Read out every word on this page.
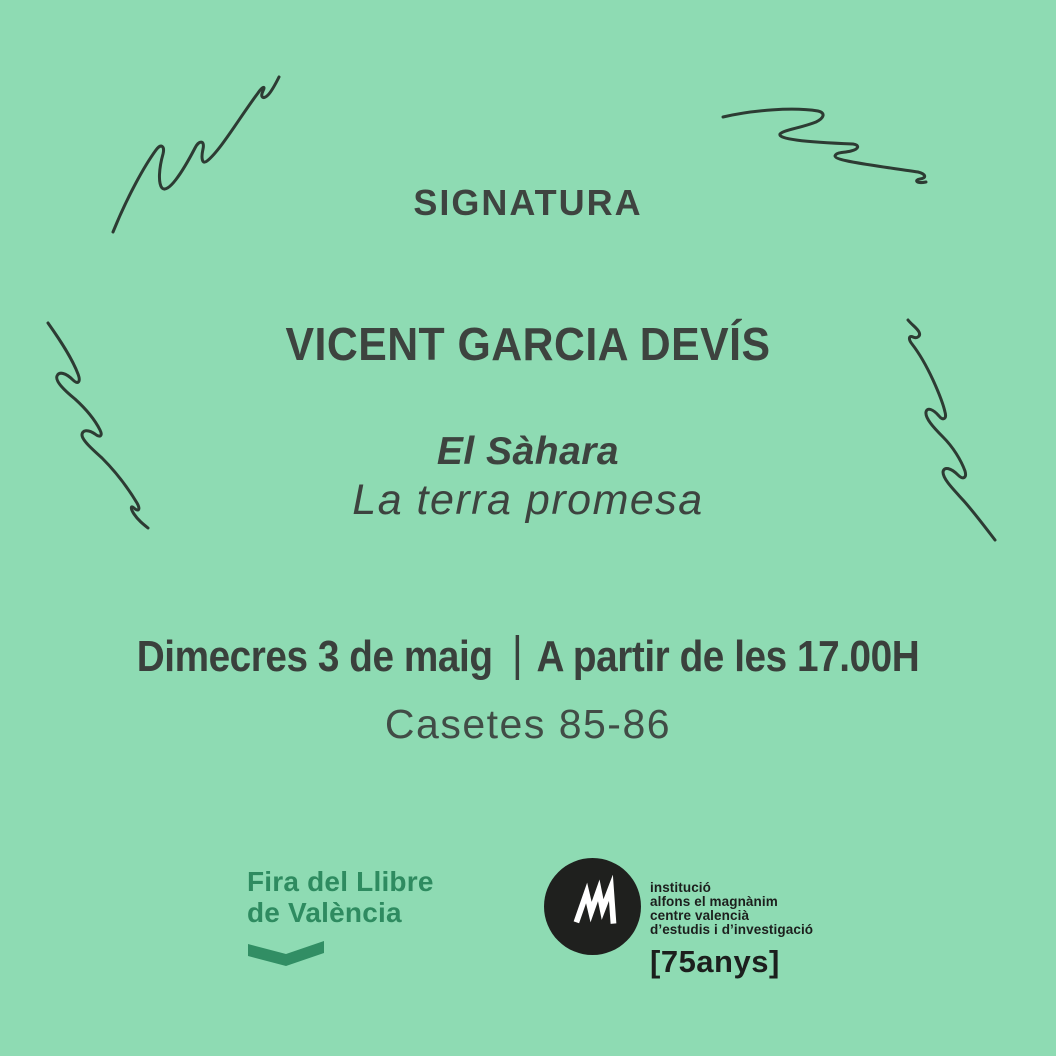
SIGNATURA
VICENT GARCIA DEVÍS
El Sàhara
La terra promesa
Dimecres 3 de maig | A partir de les 17.00H
Casetes 85-86
Fira del Llibre
de València
institució
alfons el magnànim
centre valencià
d’estudis i d’investigació
[75anys]
